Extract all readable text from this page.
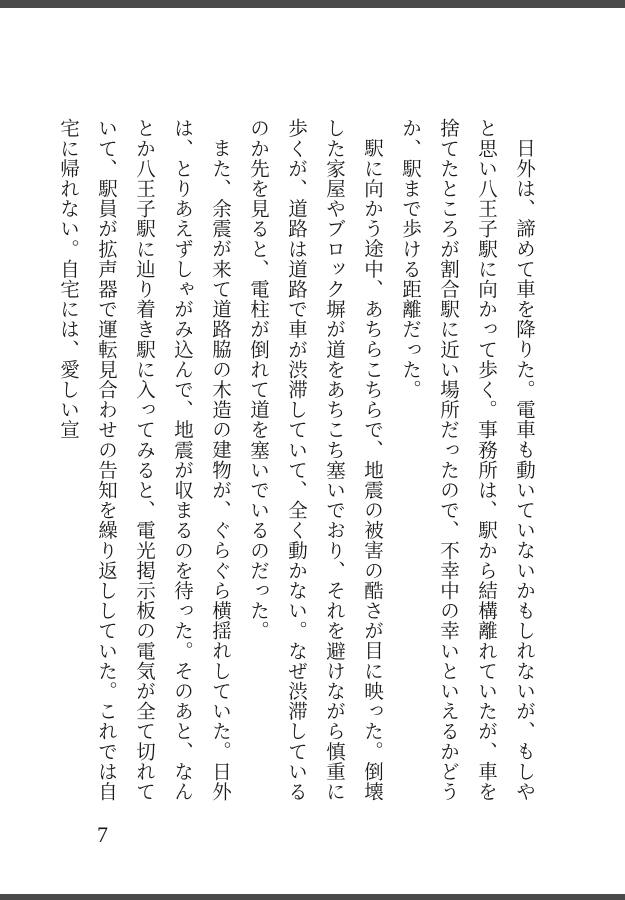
日外は、諦めて車を降りた。電車も動いていないかもしれないが、もしやと思い八王子駅に向かって歩く。事務所は、駅から結構離れていたが、車を捨てたところが割合駅に近い場所だったので、不幸中の幸いといえるかどうか、駅まで歩ける距離だった。

駅に向かう途中、あちらこちらで、地震の被害の酷さが目に映った。倒壊した家屋やブロック塀が道をあちこち塞いでおり、それを避けながら慎重に歩くが、道路は道路で車が渋滞していて、全く動かない。なぜ渋滞しているのか先を見ると、電柱が倒れて道を塞いでいるのだった。

また、余震が来て道路脇の木造の建物が、ぐらぐら横揺れしていた。日外は、とりあえずしゃがみ込んで、地震が収まるのを待った。そのあと、なんとか八王子駅に辿り着き駅に入ってみると、電光掲示板の電気が全て切れていて、駅員が拡声器で運転見合わせの告知を繰り返ししていた。これでは自宅に帰れない。自宅には、愛しい宣

7
